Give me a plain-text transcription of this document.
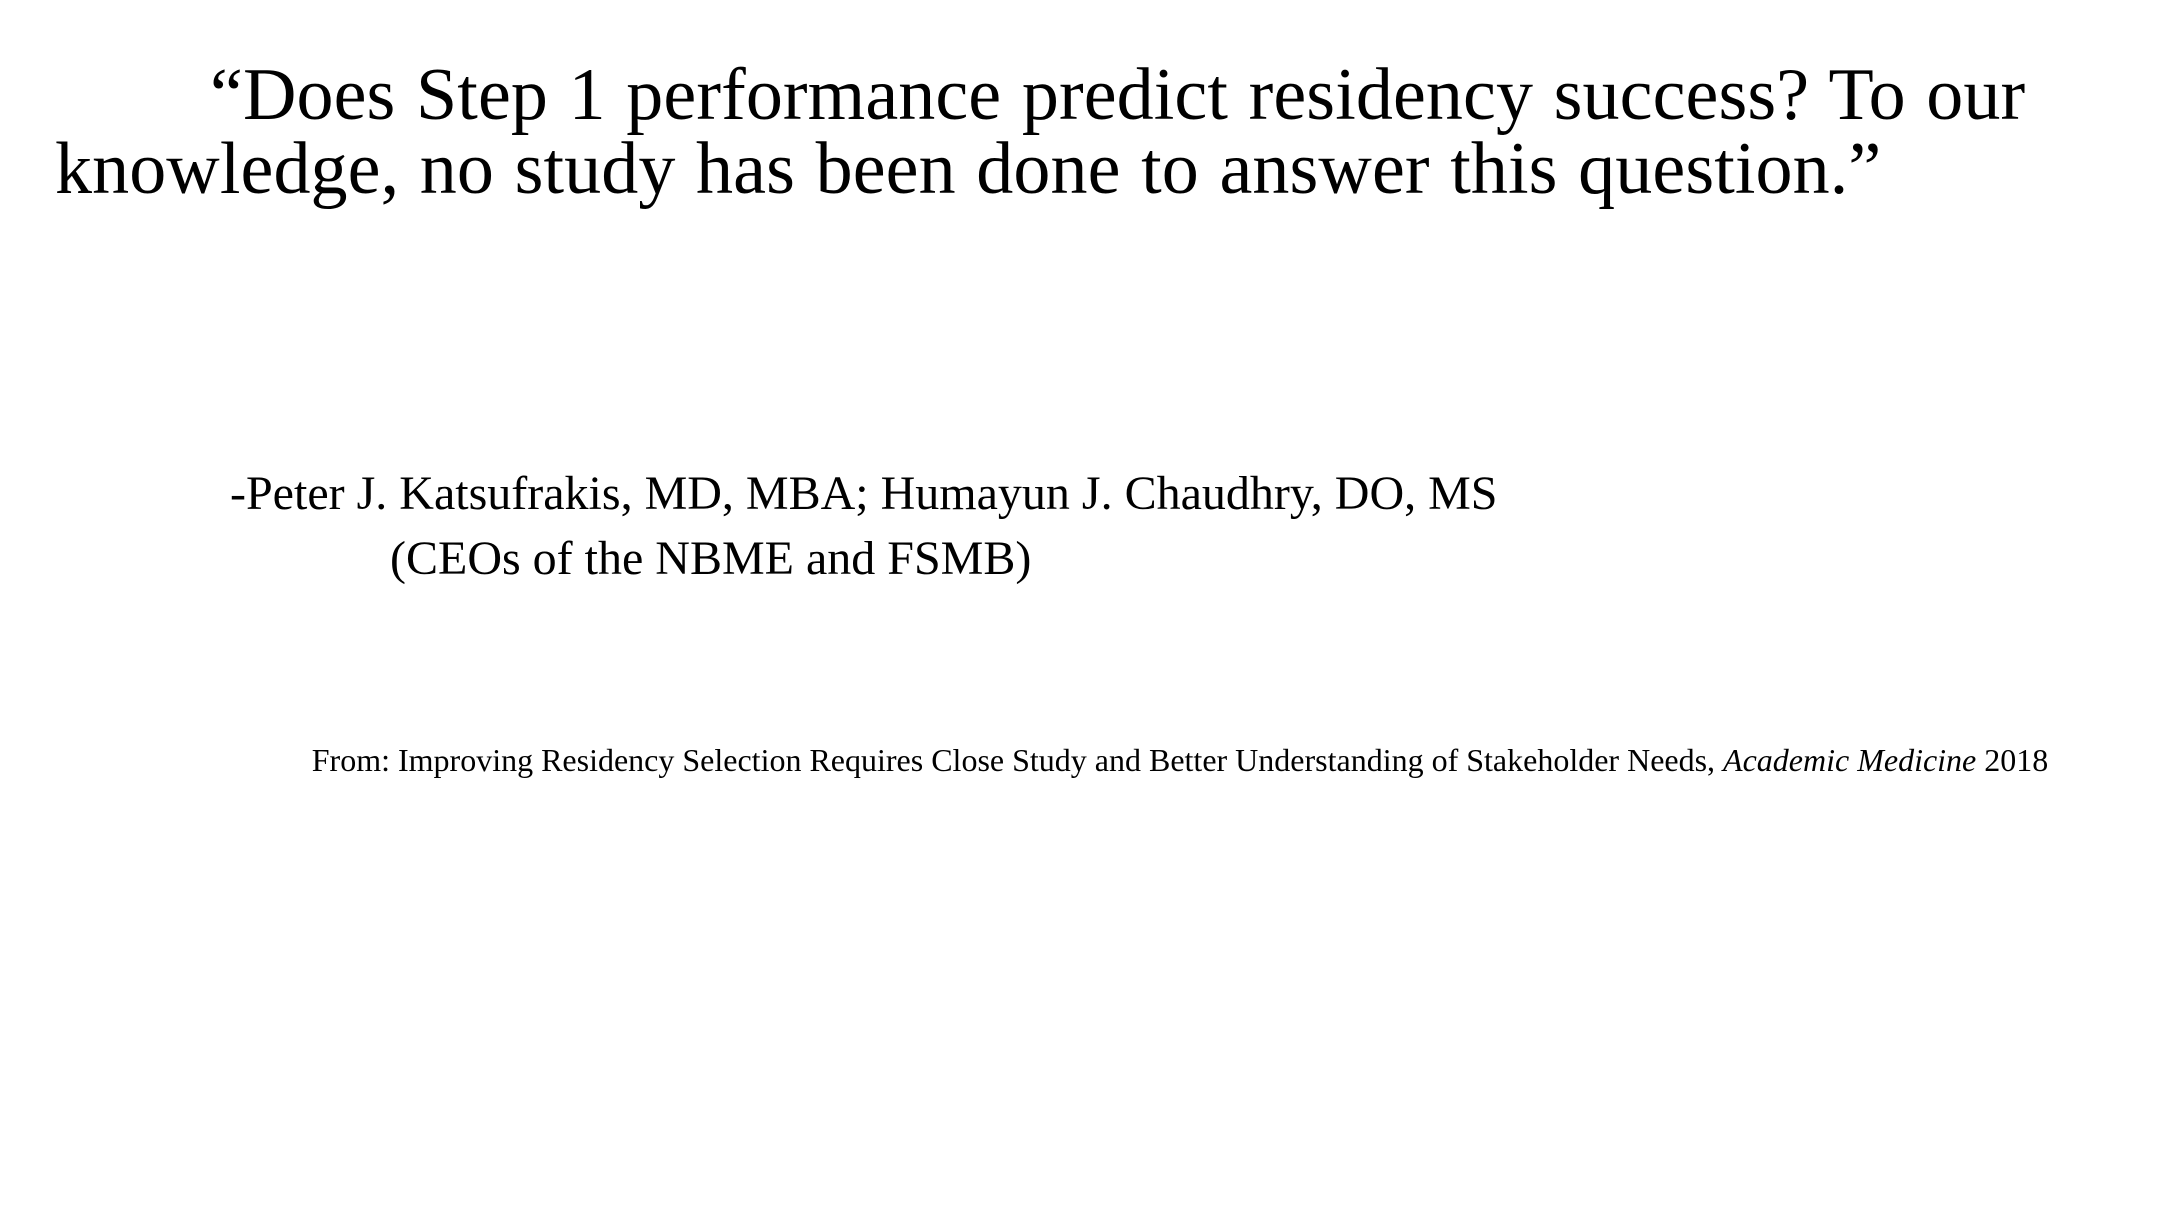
“Does Step 1 performance predict residency success? To our knowledge, no study has been done to answer this question.”
-Peter J. Katsufrakis, MD, MBA; Humayun J. Chaudhry, DO, MS
(CEOs of the NBME and FSMB)
From: Improving Residency Selection Requires Close Study and Better Understanding of Stakeholder Needs, Academic Medicine 2018
